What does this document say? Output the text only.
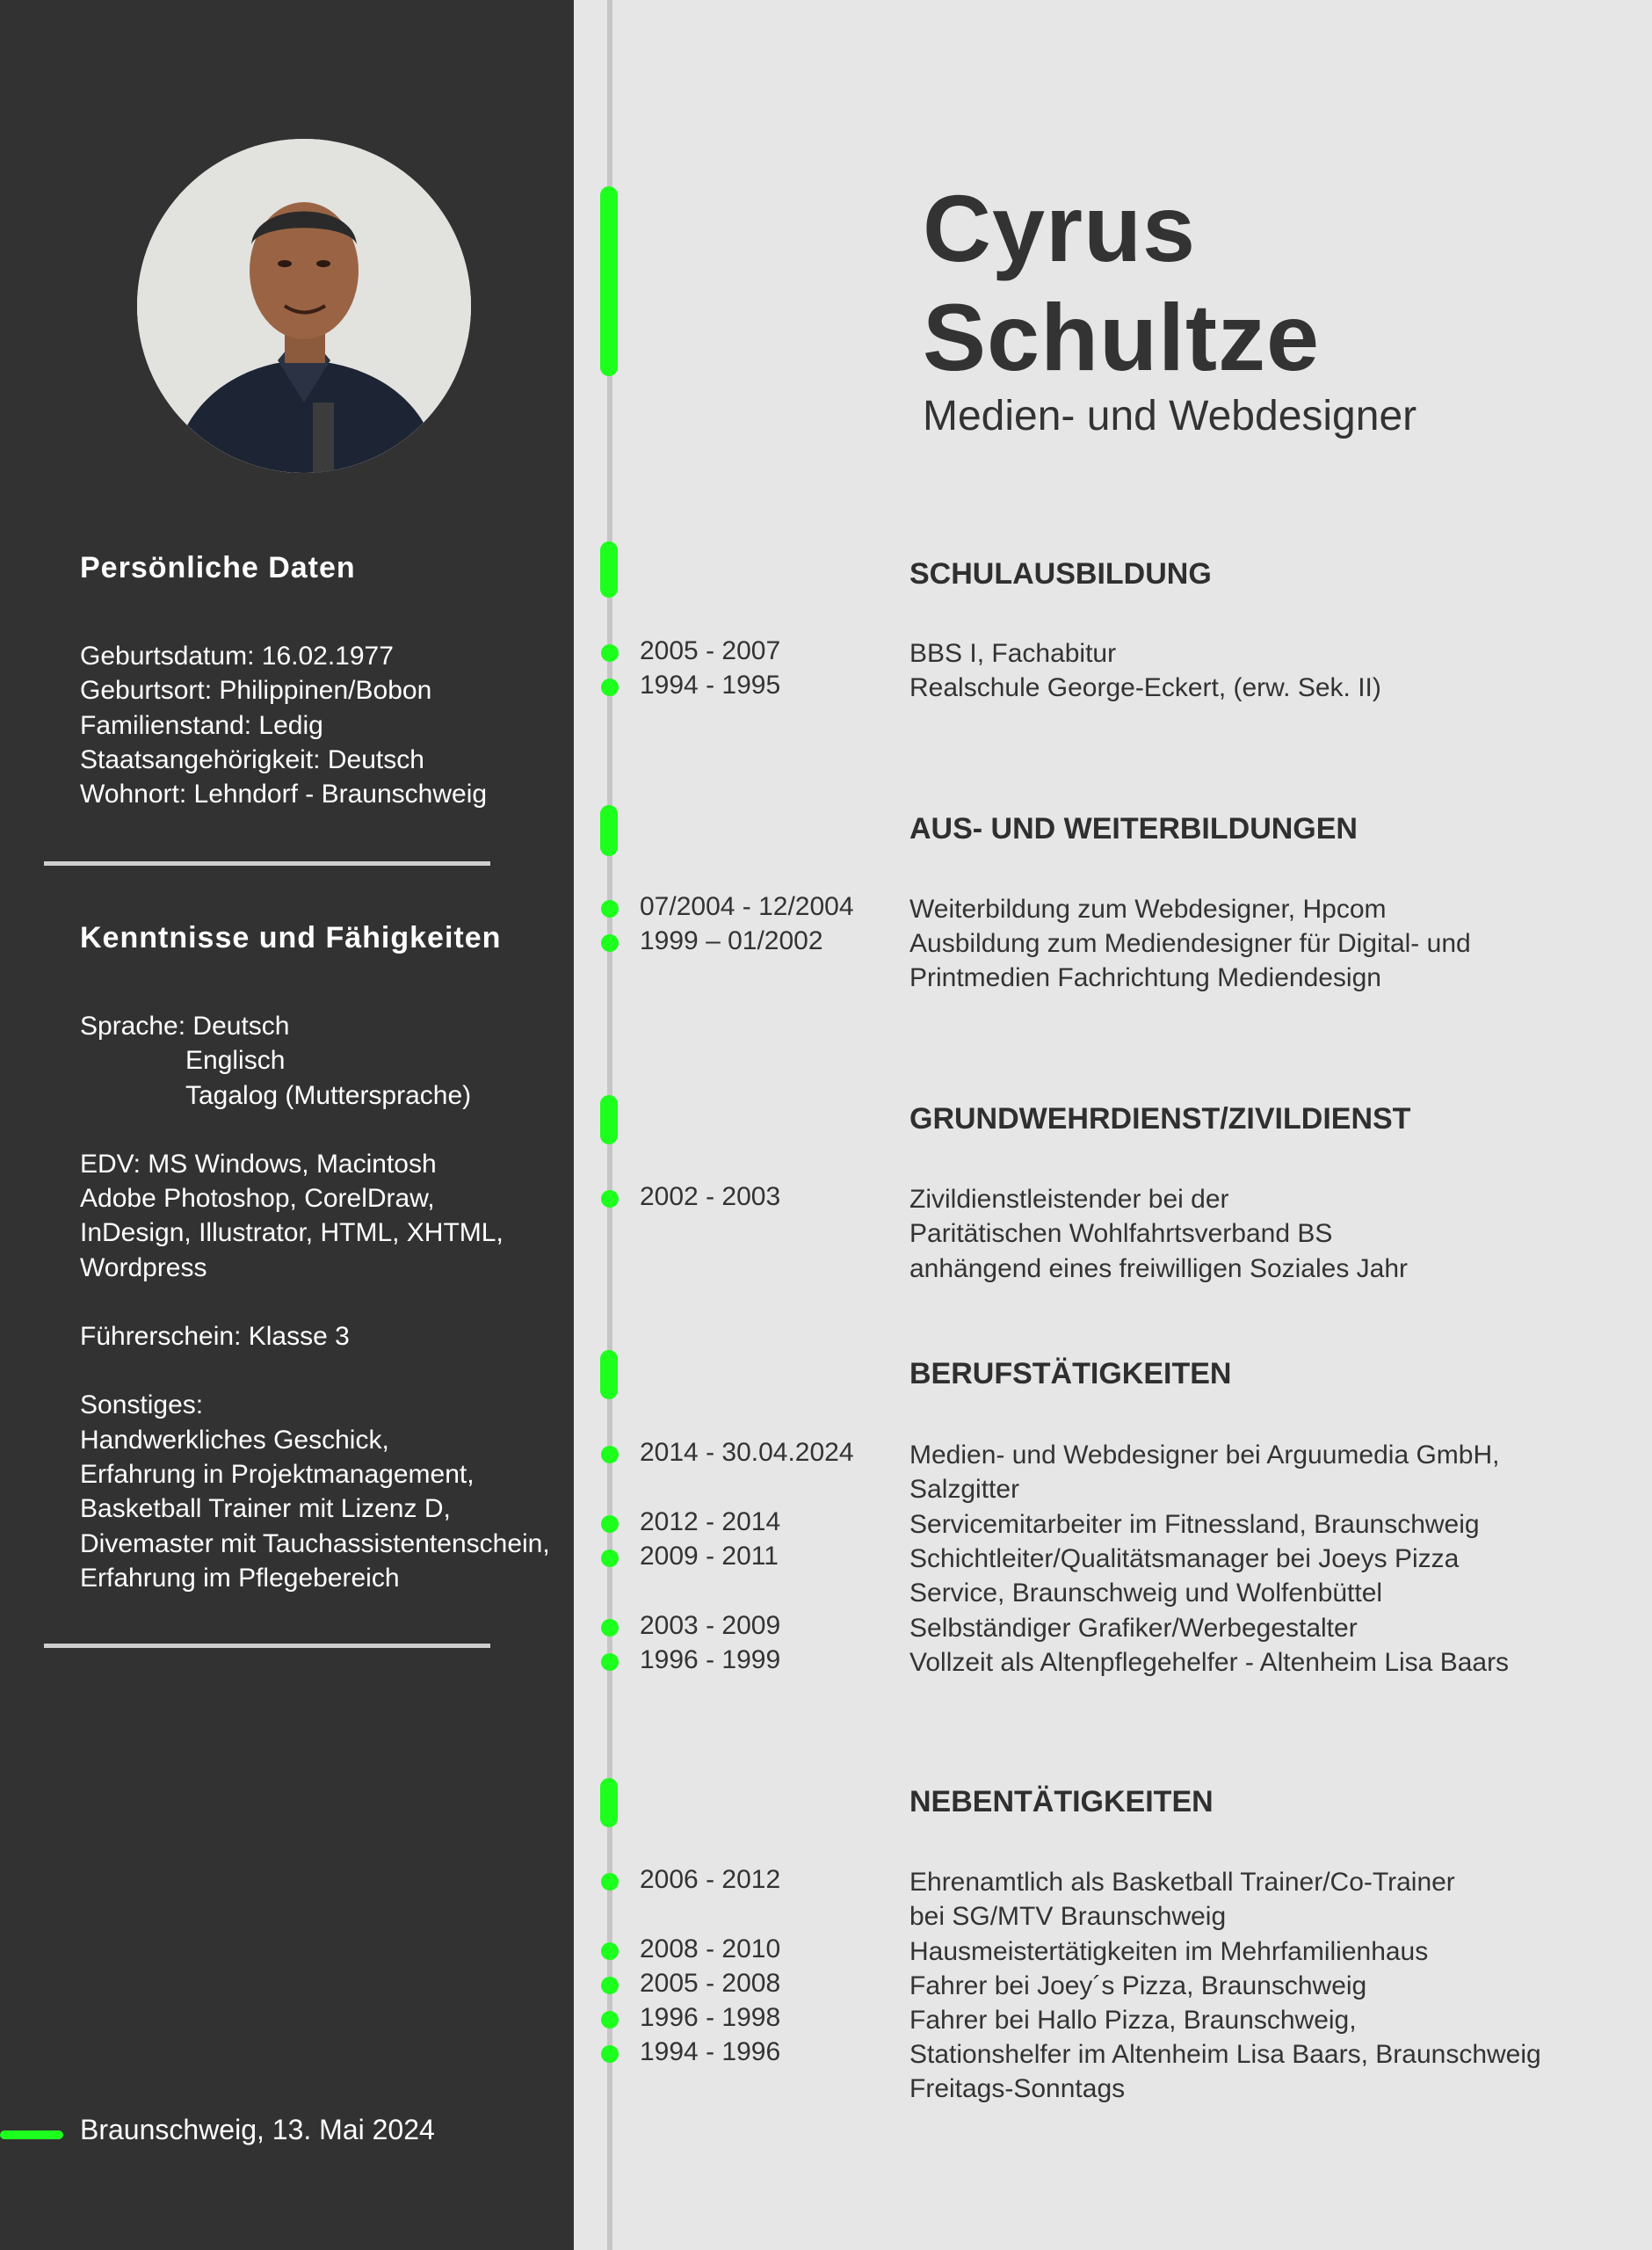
Persönliche Daten
Geburtsdatum: 16.02.1977
Geburtsort: Philippinen/Bobon
Familienstand: Ledig
Staatsangehörigkeit: Deutsch
Wohnort: Lehndorf - Braunschweig
Kenntnisse und Fähigkeiten
Sprache: Deutsch
Englisch
Tagalog (Muttersprache)
EDV: MS Windows, Macintosh
Adobe Photoshop, CorelDraw,
InDesign, Illustrator, HTML, XHTML,
Wordpress
Führerschein: Klasse 3
Sonstiges:
Handwerkliches Geschick,
Erfahrung in Projektmanagement,
Basketball Trainer mit Lizenz D,
Divemaster mit Tauchassistentenschein,
Erfahrung im Pflegebereich
Braunschweig, 13. Mai 2024
Cyrus
Schultze
Medien- und Webdesigner
SCHULAUSBILDUNG
2005 - 2007	BBS I, Fachabitur
1994 - 1995	Realschule George-Eckert, (erw. Sek. II)
AUS- UND WEITERBILDUNGEN
07/2004 - 12/2004 Weiterbildung zum Webdesigner, Hpcom
1999 – 01/2002	Ausbildung zum Mediendesigner für Digital- und
Printmedien Fachrichtung Mediendesign
GRUNDWEHRDIENST/ZIVILDIENST
2002 - 2003	Zivildienstleistender bei der
Paritätischen Wohlfahrtsverband BS
anhängend eines freiwilligen Soziales Jahr
BERUFSTÄTIGKEITEN
2014 - 30.04.2024 Medien- und Webdesigner bei Arguumedia GmbH,
Salzgitter
2012 - 2014	Servicemitarbeiter im Fitnessland, Braunschweig
2009 - 2011	Schichtleiter/Qualitätsmanager bei Joeys Pizza
Service, Braunschweig und Wolfenbüttel
2003 - 2009	Selbständiger Grafiker/Werbegestalter
1996 - 1999	Vollzeit als Altenpflegehelfer - Altenheim Lisa Baars
NEBENTÄTIGKEITEN
2006 - 2012	Ehrenamtlich als Basketball Trainer/Co-Trainer
bei SG/MTV Braunschweig
2008 - 2010	Hausmeistertätigkeiten im Mehrfamilienhaus
2005 - 2008	Fahrer bei Joey´s Pizza, Braunschweig
1996 - 1998	Fahrer bei Hallo Pizza, Braunschweig,
1994 - 1996	Stationshelfer im Altenheim Lisa Baars, Braunschweig
Freitags-Sonntags
